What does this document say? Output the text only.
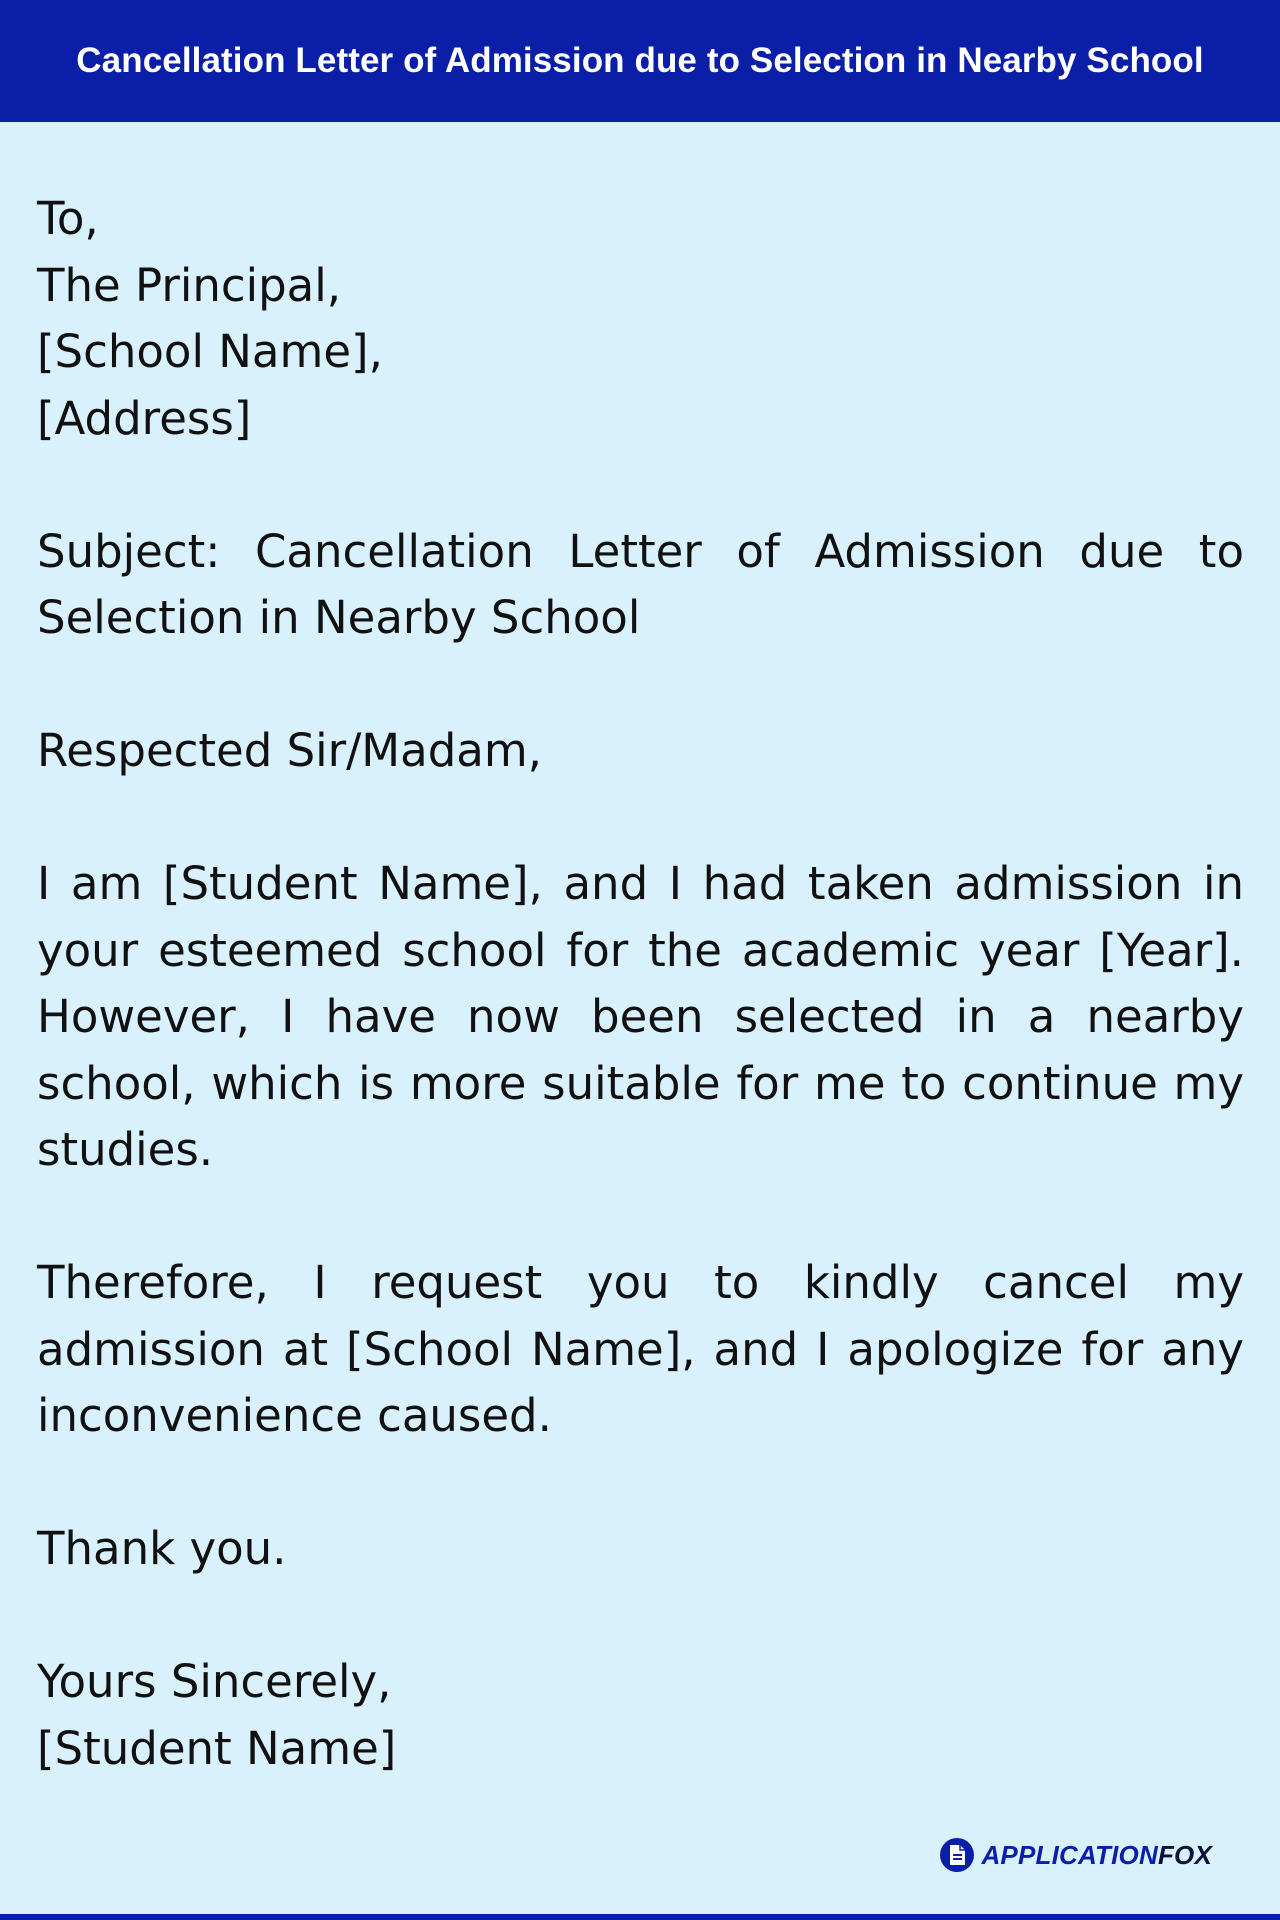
Cancellation Letter of Admission due to Selection in Nearby School
To,
The Principal,
[School Name],
[Address]
Subject: Cancellation Letter of Admission due to Selection in Nearby School
Respected Sir/Madam,
I am [Student Name], and I had taken admission in your esteemed school for the academic year [Year]. However, I have now been selected in a nearby school, which is more suitable for me to continue my studies.
Therefore, I request you to kindly cancel my admission at [School Name], and I apologize for any inconvenience caused.
Thank you.
Yours Sincerely,
[Student Name]
APPLICATIONFOX
